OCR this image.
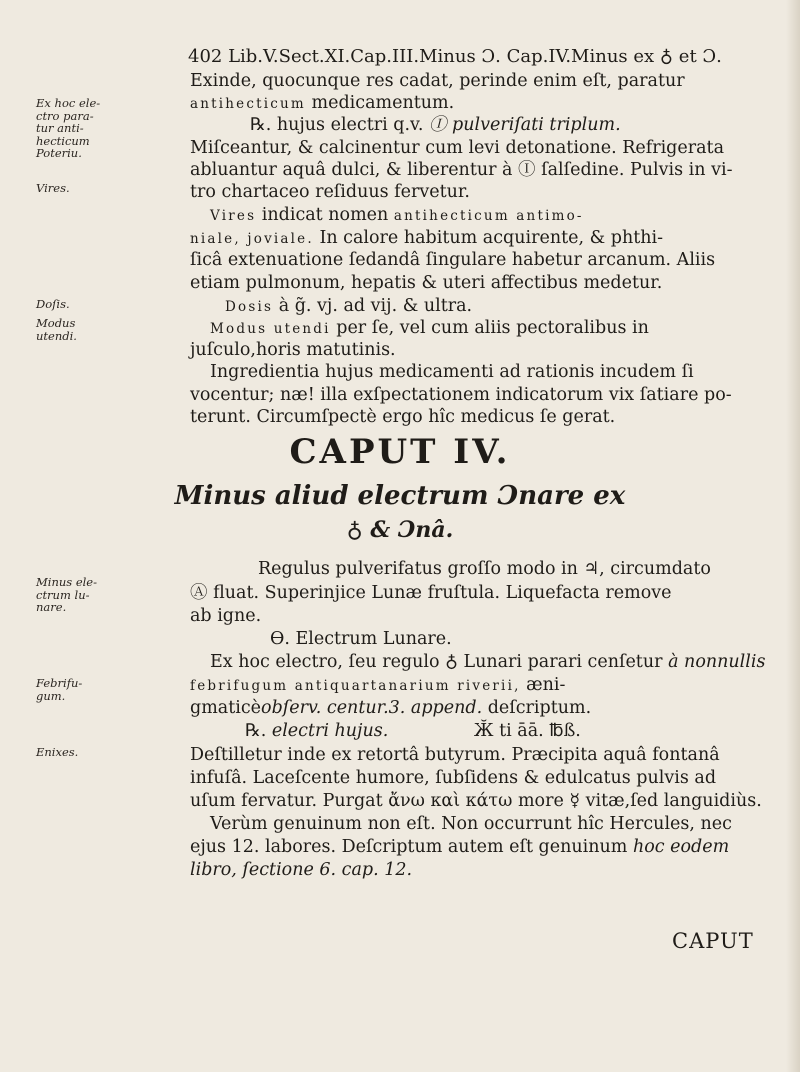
402 Lib.V.Sect.XI.Cap.III.Minus Ɔ. Cap.IV.Minus ex ♁ et Ɔ.
Exinde, quocunque res cadat, perinde enim eſt, paratur
antihecticum medicamentum.
℞. hujus electri q.v. Ⓘ pulveriſati triplum.
Miſceantur, & calcinentur cum levi detonatione. Refrigerata
abluantur aquâ dulci, & liberentur à Ⓘ ſalſedine. Pulvis in vi-
tro chartaceo reſiduus fervetur.
Vires indicat nomen antihecticum antimo-
niale, joviale. In calore habitum acquirente, & phthi-
ſicâ extenuatione ſedandâ ſingulare habetur arcanum. Aliis
etiam pulmonum, hepatis & uteri affectibus medetur.
Dosis à g̃. vj. ad vij. & ultra.
Modus utendi per ſe, vel cum aliis pectoralibus in
juſculo,horis matutinis.
Ingredientia hujus medicamenti ad rationis incudem ſi
vocentur; næ! illa exſpectationem indicatorum vix ſatiare po-
terunt. Circumſpectè ergo hîc medicus ſe gerat.
CAPUT IV.
Minus aliud electrum Ɔnare ex
♁ & Ɔnâ.
Regulus pulverifatus groſſo modo in ♃, circumdato
Ⓐ fluat. Superinjice Lunæ fruſtula. Liquefacta remove
ab igne.
Ɵ. Electrum Lunare.
Ex hoc electro, ſeu regulo ♁ Lunari parari cenſetur à nonnullis
febrifugum antiquartanarium riverii, æni-
gmaticèobſerv. centur.3. append. deſcriptum.
℞. electri hujus.	Ӂ ti āā. ℔ß.
Deſtilletur inde ex retortâ butyrum. Præcipita aquâ fontanâ
infuſâ. Laceſcente humore, ſubſidens & edulcatus pulvis ad
uſum fervatur. Purgat ἄνω καὶ κάτω more ☿ vitæ,ſed languidiùs.
Verùm genuinum non eſt. Non occurrunt hîc Hercules, nec
ejus 12. labores. Deſcriptum autem eſt genuinum hoc eodem
libro, ſectione 6. cap. 12.
CAPUT
Ex hoc ele-
ctro para-
tur anti-
hecticum
Poteriu.
Vires.
Doſis.
Modus
utendi.
Minus ele-
ctrum lu-
nare.
Febrifu-
gum.
Enixes.
